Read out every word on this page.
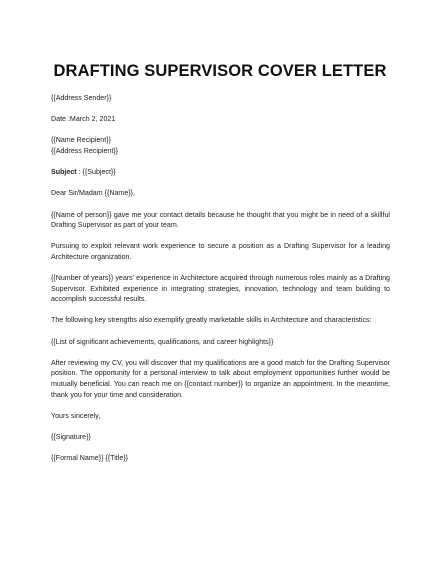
DRAFTING SUPERVISOR COVER LETTER

{{Address Sender}}

Date :March 2, 2021

{{Name Recipient}}

{{Address Recipient}}

Subject : {{Subject}}

Dear Sir/Madam {{Name}},

{{Name of person}} gave me your contact details because he thought that you might be in need of a skillful Drafting Supervisor as part of your team.

Pursuing to exploit relevant work experience to secure a position as a Drafting Supervisor for a leading Architecture organization.

{{Number of years}} years' experience in Architecture acquired through numerous roles mainly as a Drafting Supervisor. Exhibited experience in integrating strategies, innovation, technology and team building to accomplish successful results.

The following key strengths also exemplify greatly marketable skills in Architecture and characteristics:

{{List of significant achievements, qualifications, and career highlights}}

After reviewing my CV, you will discover that my qualifications are a good match for the Drafting Supervisor position. The opportunity for a personal interview to talk about employment opportunities further would be mutually beneficial. You can reach me on {{contact number}} to organize an appointment. In the meantime, thank you for your time and consideration.

Yours sincerely,

{{Signature}}

{{Formal Name}} {{Title}}
